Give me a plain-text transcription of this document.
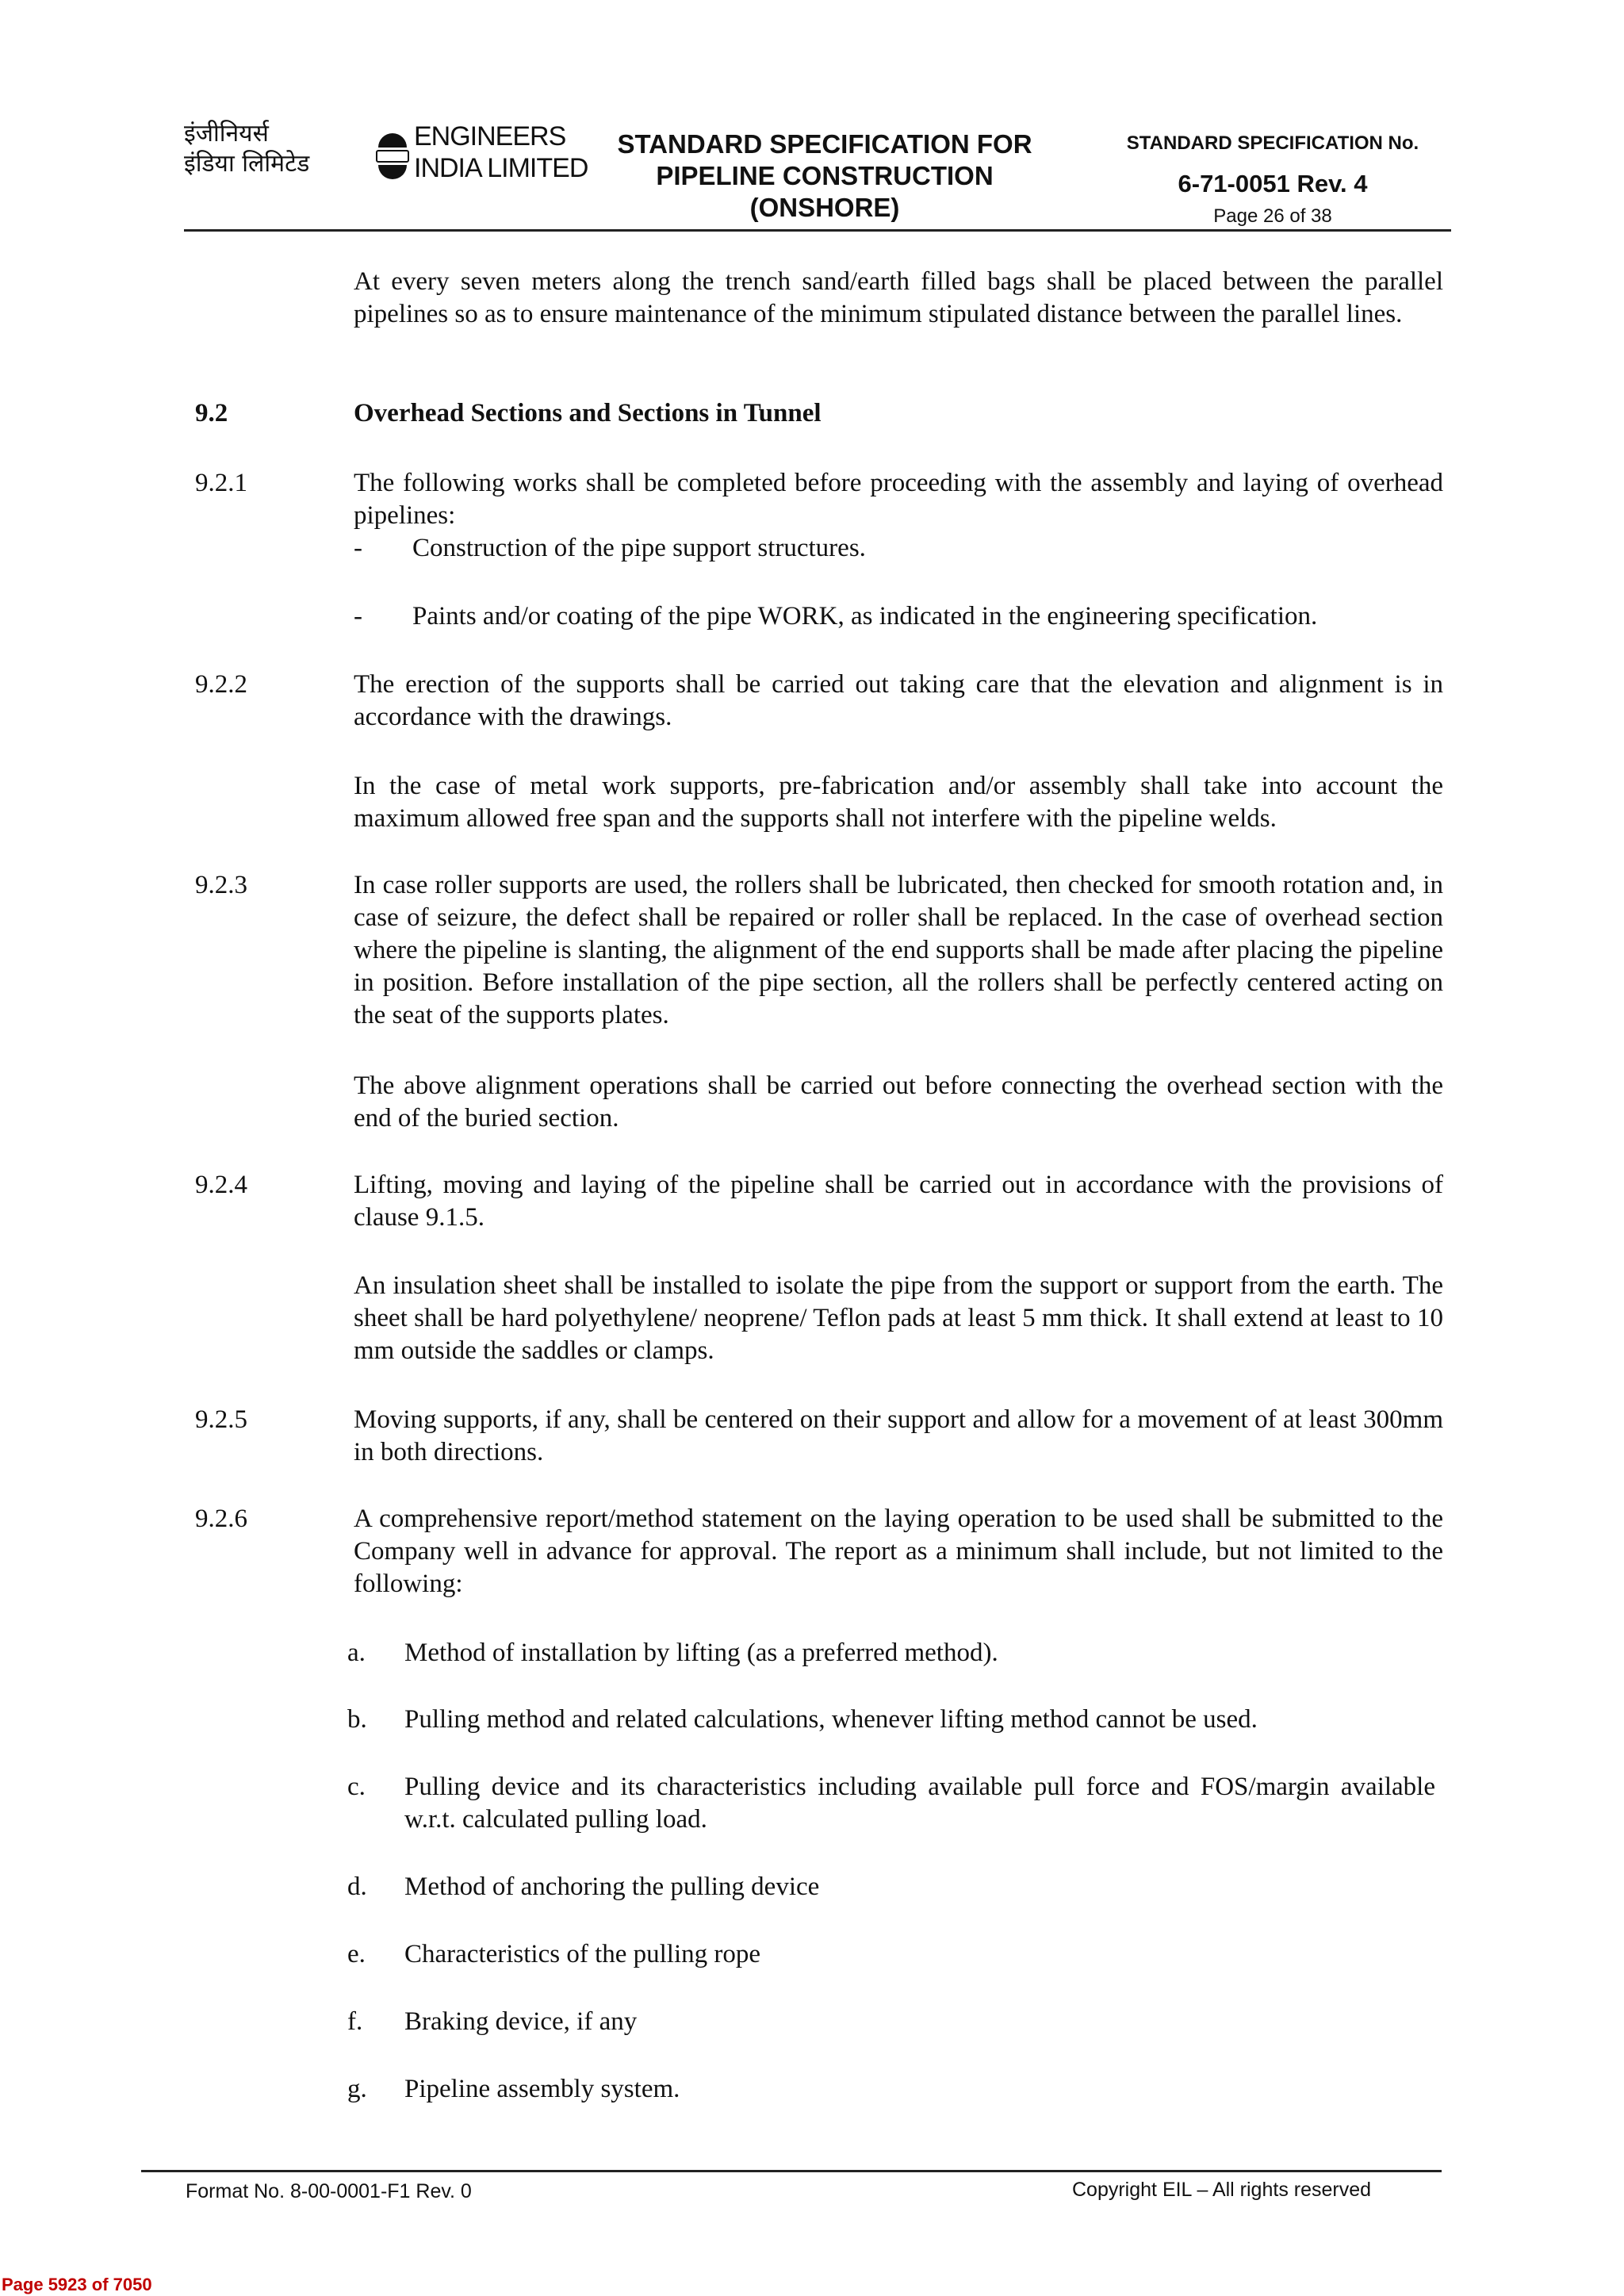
इंजीनियर्स
इंडिया लिमिटेड
ENGINEERS
INDIA LIMITED
STANDARD SPECIFICATION FOR
PIPELINE CONSTRUCTION
(ONSHORE)
STANDARD SPECIFICATION No.
6-71-0051 Rev. 4
Page 26 of 38
At every seven meters along the trench sand/earth filled bags shall be placed between the parallel pipelines so as to ensure maintenance of the minimum stipulated distance between the parallel lines.
9.2	Overhead Sections and Sections in Tunnel
9.2.1	The following works shall be completed before proceeding with the assembly and laying of overhead pipelines:
- Construction of the pipe support structures.
- Paints and/or coating of the pipe WORK, as indicated in the engineering specification.
9.2.2	The erection of the supports shall be carried out taking care that the elevation and alignment is in accordance with the drawings.
In the case of metal work supports, pre-fabrication and/or assembly shall take into account the maximum allowed free span and the supports shall not interfere with the pipeline welds.
9.2.3	In case roller supports are used, the rollers shall be lubricated, then checked for smooth rotation and, in case of seizure, the defect shall be repaired or roller shall be replaced. In the case of overhead section where the pipeline is slanting, the alignment of the end supports shall be made after placing the pipeline in position. Before installation of the pipe section, all the rollers shall be perfectly centered acting on the seat of the supports plates.
The above alignment operations shall be carried out before connecting the overhead section with the end of the buried section.
9.2.4	Lifting, moving and laying of the pipeline shall be carried out in accordance with the provisions of clause 9.1.5.
An insulation sheet shall be installed to isolate the pipe from the support or support from the earth. The sheet shall be hard polyethylene/ neoprene/ Teflon pads at least 5 mm thick. It shall extend at least to 10 mm outside the saddles or clamps.
9.2.5	Moving supports, if any, shall be centered on their support and allow for a movement of at least 300mm in both directions.
9.2.6	A comprehensive report/method statement on the laying operation to be used shall be submitted to the Company well in advance for approval. The report as a minimum shall include, but not limited to the following:
a. Method of installation by lifting (as a preferred method).
b. Pulling method and related calculations, whenever lifting method cannot be used.
c. Pulling device and its characteristics including available pull force and FOS/margin available w.r.t. calculated pulling load.
d. Method of anchoring the pulling device
e. Characteristics of the pulling rope
f. Braking device, if any
g. Pipeline assembly system.
Format No. 8-00-0001-F1 Rev. 0	Copyright EIL – All rights reserved
Page 5923 of 7050
